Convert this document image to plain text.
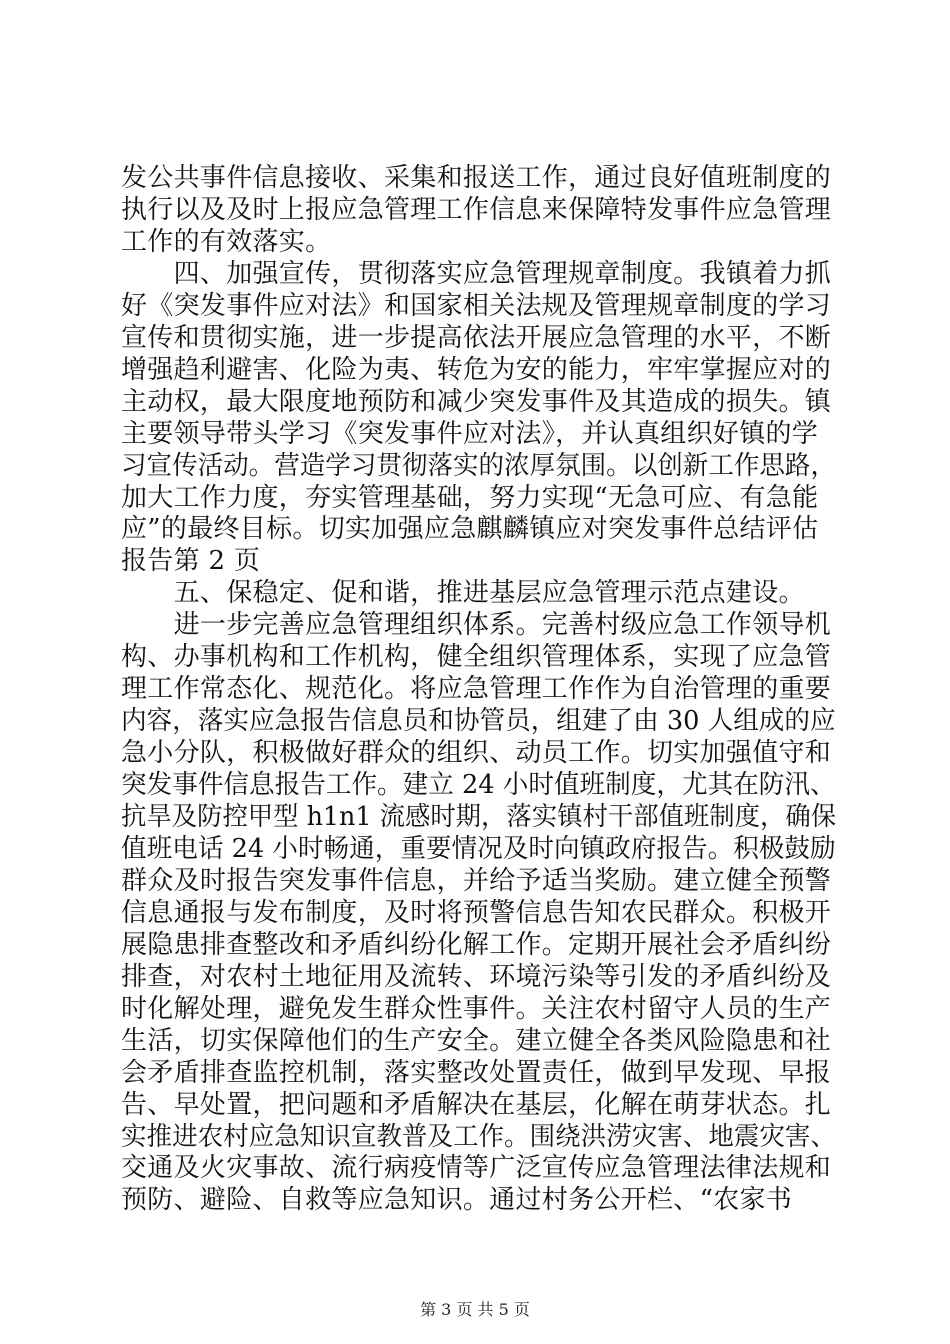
发公共事件信息接收、采集和报送工作，通过良好值班制度的
执行以及及时上报应急管理工作信息来保障特发事件应急管理
工作的有效落实。
　　四、加强宣传，贯彻落实应急管理规章制度。我镇着力抓
好《突发事件应对法》和国家相关法规及管理规章制度的学习
宣传和贯彻实施，进一步提高依法开展应急管理的水平，不断
增强趋利避害、化险为夷、转危为安的能力，牢牢掌握应对的
主动权，最大限度地预防和减少突发事件及其造成的损失。镇
主要领导带头学习《突发事件应对法》，并认真组织好镇的学
习宣传活动。营造学习贯彻落实的浓厚氛围。以创新工作思路，
加大工作力度，夯实管理基础，努力实现“无急可应、有急能
应”的最终目标。切实加强应急麒麟镇应对突发事件总结评估
报告第 2 页
　　五、保稳定、促和谐，推进基层应急管理示范点建设。
　　进一步完善应急管理组织体系。完善村级应急工作领导机
构、办事机构和工作机构，健全组织管理体系，实现了应急管
理工作常态化、规范化。将应急管理工作作为自治管理的重要
内容，落实应急报告信息员和协管员，组建了由 30 人组成的应
急小分队，积极做好群众的组织、动员工作。切实加强值守和
突发事件信息报告工作。建立 24 小时值班制度，尤其在防汛、
抗旱及防控甲型 h1n1 流感时期，落实镇村干部值班制度，确保
值班电话 24 小时畅通，重要情况及时向镇政府报告。积极鼓励
群众及时报告突发事件信息，并给予适当奖励。建立健全预警
信息通报与发布制度，及时将预警信息告知农民群众。积极开
展隐患排查整改和矛盾纠纷化解工作。定期开展社会矛盾纠纷
排查，对农村土地征用及流转、环境污染等引发的矛盾纠纷及
时化解处理，避免发生群众性事件。关注农村留守人员的生产
生活，切实保障他们的生产安全。建立健全各类风险隐患和社
会矛盾排查监控机制，落实整改处置责任，做到早发现、早报
告、早处置，把问题和矛盾解决在基层，化解在萌芽状态。扎
实推进农村应急知识宣教普及工作。围绕洪涝灾害、地震灾害、
交通及火灾事故、流行病疫情等广泛宣传应急管理法律法规和
预防、避险、自救等应急知识。通过村务公开栏、“农家书
第 3 页 共 5 页
